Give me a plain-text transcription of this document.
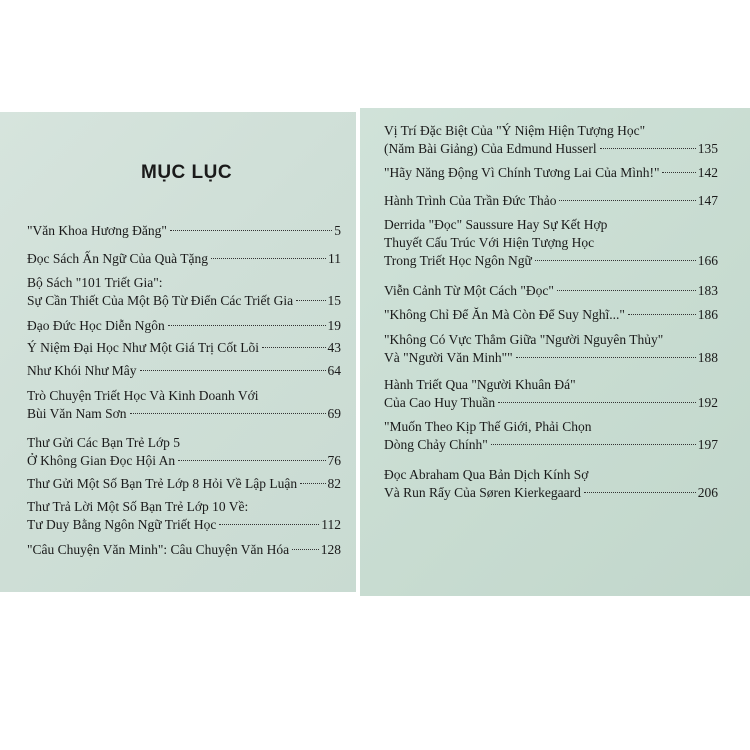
MỤC LỤC
"Văn Khoa Hương Đăng"	5
Đọc Sách Ấn Ngữ Của Quà Tặng	11
Bộ Sách "101 Triết Gia":
Sự Cần Thiết Của Một Bộ Từ Điển Các Triết Gia	15
Đạo Đức Học Diễn Ngôn	19
Ý Niệm Đại Học Như Một Giá Trị Cốt Lõi	43
Như Khói Như Mây	64
Trò Chuyện Triết Học Và Kinh Doanh Với
Bùi Văn Nam Sơn	69
Thư Gửi Các Bạn Trẻ Lớp 5
Ở Không Gian Đọc Hội An	76
Thư Gửi Một Số Bạn Trẻ Lớp 8 Hỏi Về Lập Luận 82
Thư Trả Lời Một Số Bạn Trẻ Lớp 10 Về:
Tư Duy Bằng Ngôn Ngữ Triết Học	112
"Câu Chuyện Văn Minh": Câu Chuyện Văn Hóa 128
Vị Trí Đặc Biệt Của "Ý Niệm Hiện Tượng Học"
(Năm Bài Giảng) Của Edmund Husserl	135
"Hãy Năng Động Vì Chính Tương Lai Của Mình!"	142
Hành Trình Của Trần Đức Thảo	147
Derrida "Đọc" Saussure Hay Sự Kết Hợp
Thuyết Cấu Trúc Với Hiện Tượng Học
Trong Triết Học Ngôn Ngữ	166
Viễn Cảnh Từ Một Cách "Đọc"	183
"Không Chỉ Để Ăn Mà Còn Để Suy Nghĩ..."	186
"Không Có Vực Thẳm Giữa "Người Nguyên Thủy"
Và "Người Văn Minh""	188
Hành Triết Qua "Người Khuân Đá"
Của Cao Huy Thuần	192
"Muốn Theo Kịp Thế Giới, Phải Chọn
Dòng Chảy Chính"	197
Đọc Abraham Qua Bản Dịch Kính Sợ
Và Run Rẩy Của Søren Kierkegaard	206
